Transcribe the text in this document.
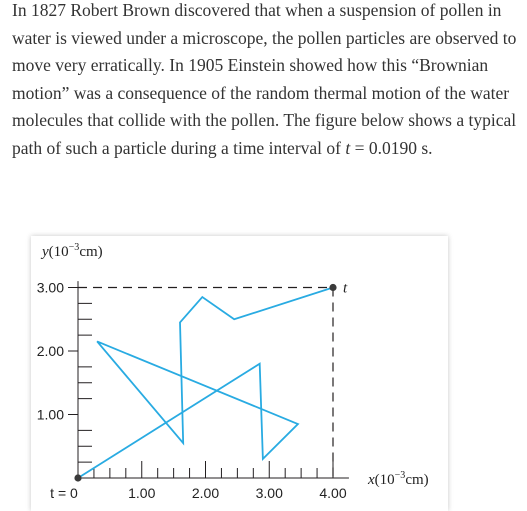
In 1827 Robert Brown discovered that when a suspension of pollen in water is viewed under a microscope, the pollen particles are observed to move very erratically. In 1905 Einstein showed how this “Brownian motion” was a consequence of the random thermal motion of the water molecules that collide with the pollen. The figure below shows a typical path of such a particle during a time interval of t = 0.0190 s.

1.00	2.00	3.00	4.00
3.00
2.00
1.00
t = 0
t
$y(10^{-3}cm)$
$x(10^{-3}cm)$
